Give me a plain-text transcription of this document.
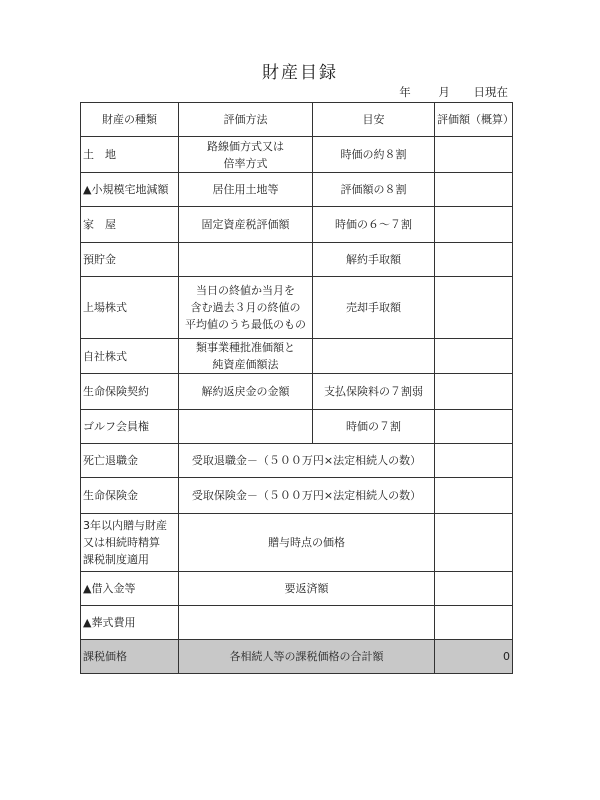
財産目録
年 月 日現在
財産の種類	評価方法	目安	評価額（概算）
土　地	路線価方式又は
倍率方式	時価の約８割	
▲小規模宅地減額	居住用土地等	評価額の８割	
家　屋	固定資産税評価額	時価の６～７割	
預貯金		解約手取額	
上場株式	当日の終値か当月を
含む過去３月の終値の
平均値のうち最低のもの	売却手取額	
自社株式	類事業種批准価額と
純資産価額法		
生命保険契約	解約返戻金の金額	支払保険料の７割弱	
ゴルフ会員権		時価の７割	
死亡退職金	受取退職金－（５００万円×法定相続人の数）		
生命保険金	受取保険金－（５００万円×法定相続人の数）		
3年以内贈与財産
又は相続時精算
課税制度適用	贈与時点の価格		
▲借入金等	要返済額		
▲葬式費用			
課税価格	各相続人等の課税価格の合計額		0
